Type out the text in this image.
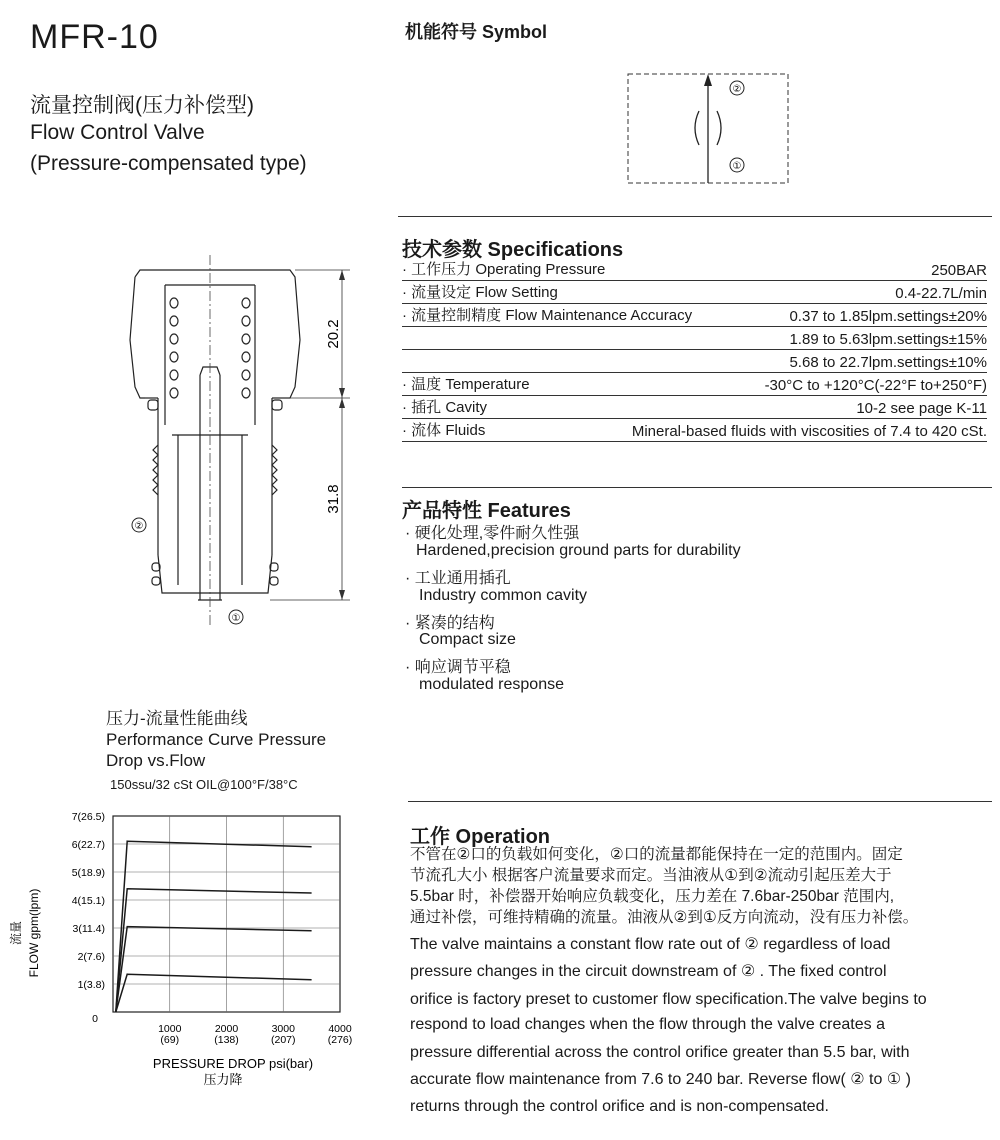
MFR-10
流量控制阀(压力补偿型)
Flow Control Valve
(Pressure-compensated type)
机能符号 Symbol
②
①
20.2
31.8
②
①
技术参数 Specifications
· 工作压力 Operating Pressure	250BAR
· 流量设定 Flow Setting	0.4-22.7L/min
· 流量控制精度 Flow Maintenance Accuracy	0.37 to 1.85lpm.settings±20%
1.89 to 5.63lpm.settings±15%
5.68 to 22.7lpm.settings±10%
· 温度 Temperature	-30°C to +120°C(-22°F to+250°F)
· 插孔 Cavity	10-2 see page K-11
· 流体 Fluids	Mineral-based fluids with viscosities of 7.4 to 420 cSt.
产品特性 Features
· 硬化处理,零件耐久性强
Hardened,precision ground parts for durability
· 工业通用插孔
Industry common cavity
· 紧凑的结构
Compact size
· 响应调节平稳
modulated response
压力-流量性能曲线
Performance Curve Pressure
Drop vs.Flow
150ssu/32 cSt OIL@100°F/38°C
1(3.8)
2(7.6)
3(11.4)
4(15.1)
5(18.9)
6(22.7)
7(26.5)
1000
(69)
2000
(138)
3000
(207)
4000
(276)
0
PRESSURE DROP psi(bar)
压力降
FLOW gpm(lpm)
流量
工作 Operation
不管在②口的负载如何变化，②口的流量都能保持在一定的范围内。固定
节流孔大小 根据客户流量要求而定。当油液从①到②流动引起压差大于
5.5bar 时，补偿器开始响应负载变化，压力差在 7.6bar-250bar 范围内,
通过补偿，可维持精确的流量。油液从②到①反方向流动，没有压力补偿。
The valve maintains a constant flow rate out of ② regardless of load
pressure changes in the circuit downstream of ② . The fixed control
orifice is factory preset to customer flow specification.The valve begins to
respond to load changes when the flow through the valve creates a
pressure differential across the control orifice greater than 5.5 bar, with
accurate flow maintenance from 7.6 to 240 bar. Reverse flow( ② to ① )
returns through the control orifice and is non-compensated.
